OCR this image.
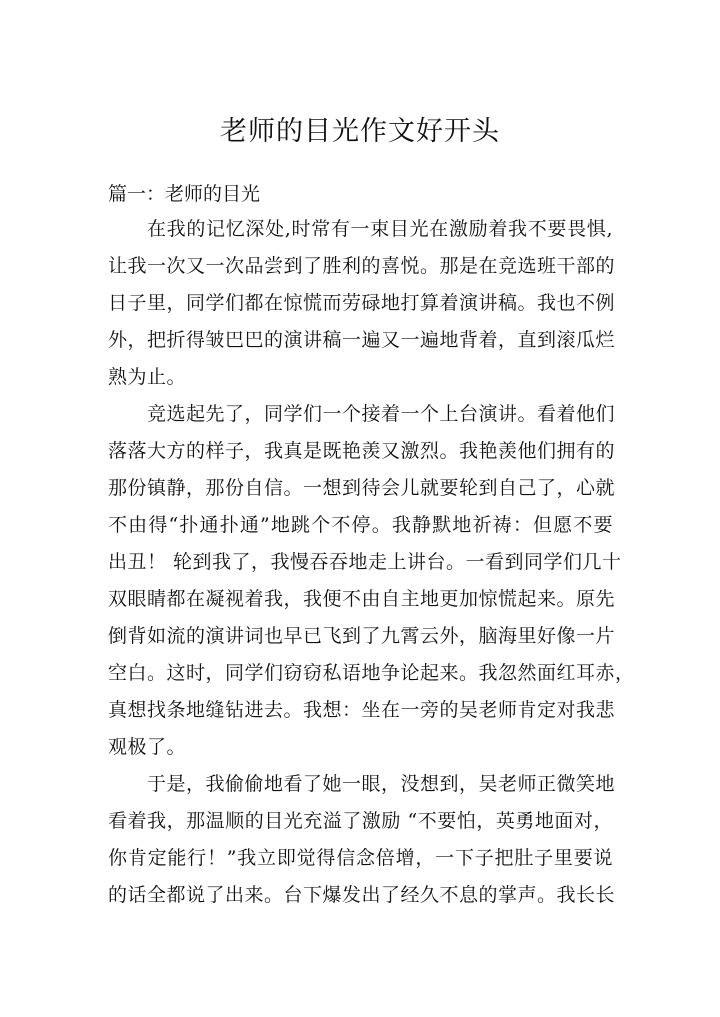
老师的目光作文好开头

篇一：老师的目光

在我的记忆深处,时常有一束目光在激励着我不要畏惧,
让我一次又一次品尝到了胜利的喜悦。那是在竞选班干部的
日子里，同学们都在惊慌而劳碌地打算着演讲稿。我也不例
外，把折得皱巴巴的演讲稿一遍又一遍地背着，直到滚瓜烂
熟为止。
竞选起先了，同学们一个接着一个上台演讲。看着他们
落落大方的样子，我真是既艳羡又激烈。我艳羡他们拥有的
那份镇静，那份自信。一想到待会儿就要轮到自己了，心就
不由得“扑通扑通”地跳个不停。我静默地祈祷：但愿不要
出丑！ 轮到我了，我慢吞吞地走上讲台。一看到同学们几十
双眼睛都在凝视着我，我便不由自主地更加惊慌起来。原先
倒背如流的演讲词也早已飞到了九霄云外，脑海里好像一片
空白。这时，同学们窃窃私语地争论起来。我忽然面红耳赤，
真想找条地缝钻进去。我想：坐在一旁的吴老师肯定对我悲
观极了。
于是，我偷偷地看了她一眼，没想到，吴老师正微笑地
看着我，那温顺的目光充溢了激励 “不要怕，英勇地面对，
你肯定能行！”我立即觉得信念倍增，一下子把肚子里要说
的话全都说了出来。台下爆发出了经久不息的掌声。我长长
